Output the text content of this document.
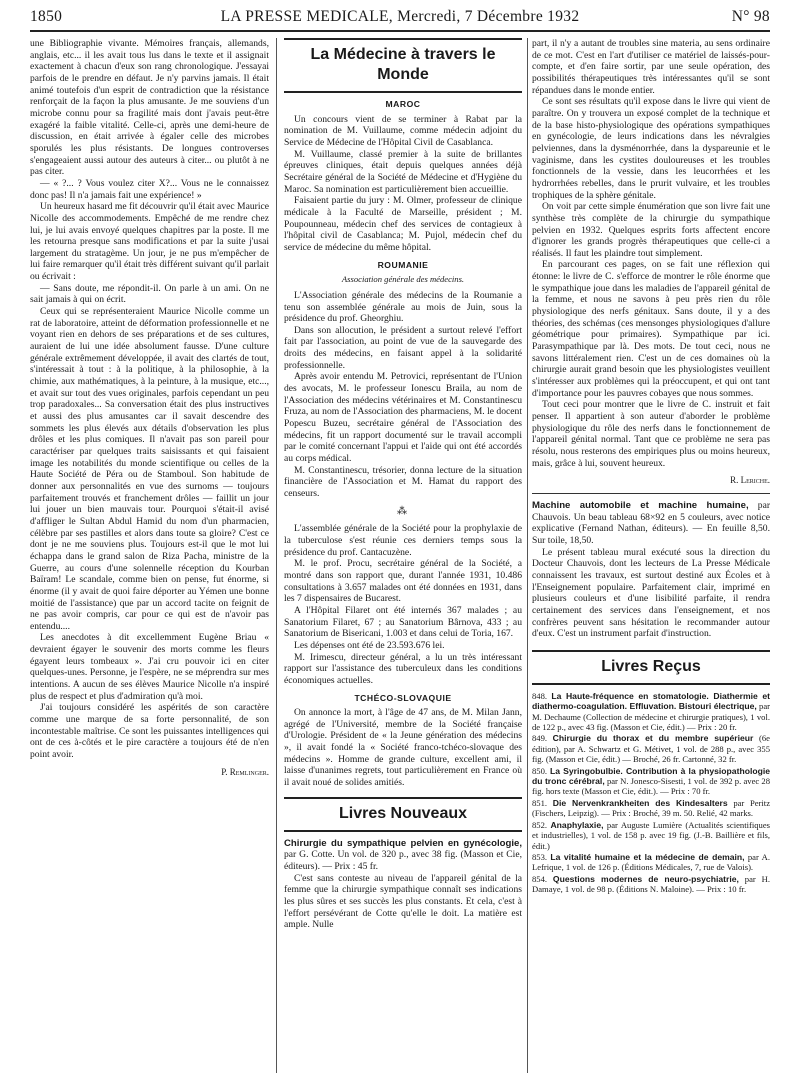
1850	LA PRESSE MEDICALE, Mercredi, 7 Décembre 1932	N° 98

une Bibliographie vivante. Mémoires français, allemands, anglais, etc... il les avait tous lus dans le texte et il assignait exactement à chacun d'eux son rang chronologique. J'essayai parfois de le prendre en défaut. Je n'y parvins jamais. Il était animé toutefois d'un esprit de contradiction que la résistance renforçait de la façon la plus amusante. Je me souviens d'un microbe connu pour sa fragilité mais dont j'avais peut-être exagéré la faible vitalité. Celle-ci, après une demi-heure de discussion, en était arrivée à égaler celle des microbes sporulés les plus résistants. De longues controverses s'engageaient aussi autour des auteurs à citer... ou plutôt à ne pas citer.

— « ?... ? Vous voulez citer X?... Vous ne le connaissez donc pas! Il n'a jamais fait une expérience! »

Un heureux hasard me fit découvrir qu'il était avec Maurice Nicolle des accommodements. Empêché de me rendre chez lui, je lui avais envoyé quelques chapitres par la poste. Il me les retourna presque sans modifications et par la suite j'usai largement du stratagème. Un jour, je ne pus m'empêcher de lui faire remarquer qu'il était très différent suivant qu'il parlait ou écrivait :

— Sans doute, me répondit-il. On parle à un ami. On ne sait jamais à qui on écrit.

Ceux qui se représenteraient Maurice Nicolle comme un rat de laboratoire, atteint de déformation professionnelle et ne voyant rien en dehors de ses préparations et de ses cultures, auraient de lui une idée absolument fausse. D'une culture générale extrêmement développée, il avait des clartés de tout, s'intéressait à tout : à la politique, à la philosophie, à la chimie, aux mathématiques, à la peinture, à la musique, etc..., et avait sur tout des vues originales, parfois cependant un peu trop paradoxales... Sa conversation était des plus instructives et aussi des plus amusantes car il savait descendre des sommets les plus élevés aux détails d'observation les plus drôles et les plus comiques. Il n'avait pas son pareil pour caractériser par quelques traits saisissants et qui faisaient image les notabilités du monde scientifique ou celles de la Haute Société de Péra ou de Stamboul. Son habitude de donner aux personnalités en vue des surnoms — toujours parfaitement trouvés et franchement drôles — faillit un jour lui jouer un bien mauvais tour. Pourquoi s'était-il avisé d'affliger le Sultan Abdul Hamid du nom d'un pharmacien, célèbre par ses pastilles et alors dans toute sa gloire? C'est ce dont je ne me souviens plus. Toujours est-il que le mot lui échappa dans le grand salon de Riza Pacha, ministre de la Guerre, au cours d'une solennelle réception du Kourban Baïram! Le scandale, comme bien on pense, fut énorme, si énorme (il y avait de quoi faire déporter au Yémen une bonne moitié de l'assistance) que par un accord tacite on feignit de ne pas avoir compris, car pour ce qui est de n'avoir pas entendu....

Les anecdotes à dit excellemment Eugène Briau « devraient égayer le souvenir des morts comme les fleurs égayent leurs tombeaux ». J'ai cru pouvoir ici en citer quelques-unes. Personne, je l'espère, ne se méprendra sur mes intentions. A aucun de ses élèves Maurice Nicolle n'a inspiré plus de respect et plus d'admiration qu'à moi.

J'ai toujours considéré les aspérités de son caractère comme une marque de sa forte personnalité, de son incontestable maîtrise. Ce sont les puissantes intelligences qui ont de ces à-côtés et le pire caractère a toujours été de n'en point avoir.

P. Remlinger.
La Médecine à travers le Monde
MAROC

Un concours vient de se terminer à Rabat par la nomination de M. Vuillaume, comme médecin adjoint du Service de Médecine de l'Hôpital Civil de Casablanca.

M. Vuillaume, classé premier à la suite de brillantes épreuves cliniques, était depuis quelques années déjà Secrétaire général de la Société de Médecine et d'Hygiène du Maroc. Sa nomination est particulièrement bien accueillie.

Faisaient partie du jury : M. Olmer, professeur de clinique médicale à la Faculté de Marseille, président ; M. Poupounneau, médecin chef des services de contagieux à l'hôpital civil de Casablanca; M. Pujol, médecin chef du service de médecine du même hôpital.

ROUMANIE
Association générale des médecins.

L'Association générale des médecins de la Roumanie a tenu son assemblée générale au mois de Juin, sous la présidence du prof. Gheorghiu.

Dans son allocution, le président a surtout relevé l'effort fait par l'association, au point de vue de la sauvegarde des droits des médecins, en faisant appel à la solidarité professionnelle.

Après avoir entendu M. Petrovici, représentant de l'Union des avocats, M. le professeur Ionescu Braila, au nom de l'Association des médecins vétérinaires et M. Constantinescu Fruza, au nom de l'Association des pharmaciens, M. le docent Popescu Buzeu, secrétaire général de l'Association des médecins, fit un rapport documenté sur le travail accompli par le comité concernant l'appui et l'aide qui ont été accordés au corps médical.

M. Constantinescu, trésorier, donna lecture de la situation financière de l'Association et M. Hamat du rapport des censeurs.

⁂

L'assemblée générale de la Société pour la prophylaxie de la tuberculose s'est réunie ces derniers temps sous la présidence du prof. Cantacuzène.

M. le prof. Procu, secrétaire général de la Société, a montré dans son rapport que, durant l'année 1931, 10.486 consultations à 3.657 malades ont été données en 1931, dans les 7 dispensaires de Bucarest.

A l'Hôpital Filaret ont été internés 367 malades ; au Sanatorium Filaret, 67 ; au Sanatorium Bârnova, 433 ; au Sanatorium de Bisericani, 1.003 et dans celui de Toria, 167.

Les dépenses ont été de 23.593.676 lei.

M. Irimescu, directeur général, a lu un très intéressant rapport sur l'assistance des tuberculeux dans les conditions économiques actuelles.

TCHÉCO-SLOVAQUIE

On annonce la mort, à l'âge de 47 ans, de M. Milan Jann, agrégé de l'Université, membre de la Société française d'Urologie. Président de « la Jeune génération des médecins », il avait fondé la « Société franco-tchéco-slovaque des médecins ». Homme de grande culture, excellent ami, il laisse d'unanimes regrets, tout particulièrement en France où il avait noué de solides amitiés.

Livres Nouveaux

Chirurgie du sympathique pelvien en gynécologie, par G. Cotte. Un vol. de 320 p., avec 38 fig. (Masson et Cie, éditeurs). — Prix : 45 fr.

C'est sans conteste au niveau de l'appareil génital de la femme que la chirurgie sympathique connaît ses indications les plus sûres et ses succès les plus constants. Et cela, c'est à l'effort persévérant de Cotte qu'elle le doit. La matière est ample. Nulle

part, il n'y a autant de troubles sine materia, au sens ordinaire de ce mot. C'est en l'art d'utiliser ce matériel de laissés-pour-compte, et d'en faire sortir, par une seule opération, des possibilités thérapeutiques très intéressantes qu'il se sont répandues dans le monde entier.

Ce sont ses résultats qu'il expose dans le livre qui vient de paraître. On y trouvera un exposé complet de la technique et de la base histo-physiologique des opérations sympathiques en gynécologie, de leurs indications dans les névralgies pelviennes, dans la dysménorrhée, dans la dyspareunie et le vaginisme, dans les cystites douloureuses et les troubles fonctionnels de la vessie, dans les leucorrhées et les hydrorrhées rebelles, dans le prurit vulvaire, et les troubles trophiques de la sphère génitale.

On voit par cette simple énumération que son livre fait une synthèse très complète de la chirurgie du sympathique pelvien en 1932. Quelques esprits forts affectent encore d'ignorer les grands progrès thérapeutiques que celle-ci a réalisés. Il faut les plaindre tout simplement.

En parcourant ces pages, on se fait une réflexion qui étonne: le livre de C. s'efforce de montrer le rôle énorme que le sympathique joue dans les maladies de l'appareil génital de la femme, et nous ne savons à peu près rien du rôle physiologique des nerfs génitaux. Sans doute, il y a des théories, des schémas (ces mensonges physiologiques d'allure géométrique pour primaires). Sympathique par ici. Parasympathique par là. Des mots. De tout ceci, nous ne savons littéralement rien. C'est un de ces domaines où la chirurgie aurait grand besoin que les physiologistes veuillent s'intéresser aux problèmes qui la préoccupent, et qui ont tant d'importance pour les pauvres cobayes que nous sommes.

Tout ceci pour montrer que le livre de C. instruit et fait penser. Il appartient à son auteur d'aborder le problème physiologique du rôle des nerfs dans le fonctionnement de l'appareil génital normal. Tant que ce problème ne sera pas résolu, nous resterons des empiriques plus ou moins heureux, mais, grâce à lui, souvent heureux.

R. Leriche.

Machine automobile et machine humaine, par Chauvois. Un beau tableau 68×92 en 5 couleurs, avec notice explicative (Fernand Nathan, éditeurs). — En feuille 8,50. Sur toile, 18,50.

Le présent tableau mural exécuté sous la direction du Docteur Chauvois, dont les lecteurs de La Presse Médicale connaissent les travaux, est surtout destiné aux Écoles et à l'Enseignement populaire. Parfaitement clair, imprimé en plusieurs couleurs et d'une lisibilité parfaite, il rendra certainement des services dans l'enseignement, et nos confrères peuvent sans hésitation le recommander autour d'eux. C'est un instrument parfait d'instruction.

Livres Reçus

848. La Haute-fréquence en stomatologie. Diathermie et diathermo-coagulation. Effluvation. Bistouri électrique, par M. Dechaume (Collection de médecine et chirurgie pratiques), 1 vol. de 122 p., avec 43 fig. (Masson et Cie, édit.) — Prix : 20 fr.

849. Chirurgie du thorax et du membre supérieur (6e édition), par A. Schwartz et G. Métivet, 1 vol. de 288 p., avec 355 fig. (Masson et Cie, édit.) — Broché, 26 fr. Cartonné, 32 fr.

850. La Syringobulbie. Contribution à la physiopathologie du tronc cérébral, par N. Jonesco-Sisesti, 1 vol. de 392 p. avec 28 fig. hors texte (Masson et Cie, édit.). — Prix : 70 fr.

851. Die Nervenkrankheiten des Kindesalters par Peritz (Fischers, Leipzig). — Prix : Broché, 39 m. 50. Relié, 42 marks.

852. Anaphylaxie, par Auguste Lumière (Actualités scientifiques et industrielles), 1 vol. de 158 p. avec 19 fig. (J.-B. Baillière et fils, édit.)

853. La vitalité humaine et la médecine de demain, par A. Lefrique, 1 vol. de 126 p. (Éditions Médicales, 7, rue de Valois).

854. Questions modernes de neuro-psychiatrie, par H. Damaye, 1 vol. de 98 p. (Éditions N. Maloine). — Prix : 10 fr.
